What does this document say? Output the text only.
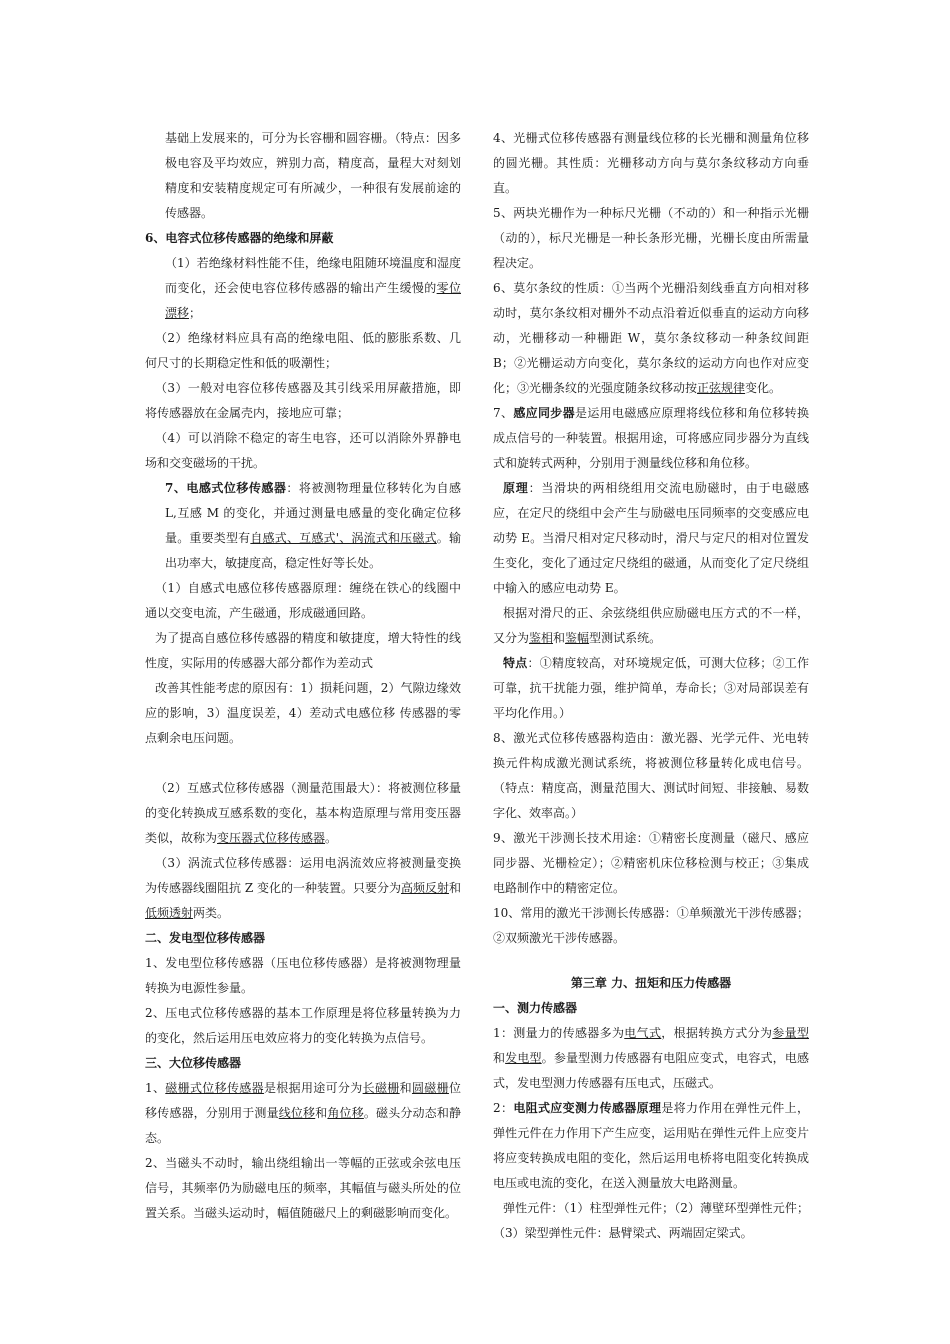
基础上发展来的，可分为长容栅和圆容栅。（特点：因多极电容及平均效应，辨别力高，精度高，量程大对刻划精度和安装精度规定可有所减少，一种很有发展前途的传感器。

6、电容式位移传感器的绝缘和屏蔽

（1）若绝缘材料性能不佳，绝缘电阻随环境温度和湿度而变化，还会使电容位移传感器的输出产生缓慢的零位漂移；

（2）绝缘材料应具有高的绝缘电阻、低的膨胀系数、几何尺寸的长期稳定性和低的吸潮性；

（3）一般对电容位移传感器及其引线采用屏蔽措施，即将传感器放在金属壳内，接地应可靠；

（4）可以消除不稳定的寄生电容，还可以消除外界静电场和交变磁场的干扰。

7、电感式位移传感器：将被测物理量位移转化为自感 L,互感 M 的变化，并通过测量电感量的变化确定位移量。重要类型有自感式、互感式'、涡流式和压磁式。输出功率大，敏捷度高，稳定性好等长处。

（1）自感式电感位移传感器原理：缠绕在铁心的线圈中通以交变电流，产生磁通，形成磁通回路。

为了提高自感位移传感器的精度和敏捷度，增大特性的线性度，实际用的传感器大部分都作为差动式

改善其性能考虑的原因有：1）损耗问题，2）气隙边缘效应的影响，3）温度误差，4）差动式电感位移 传感器的零点剩余电压问题。

（2）互感式位移传感器（测量范围最大）：将被测位移量的变化转换成互感系数的变化，基本构造原理与常用变压器类似，故称为变压器式位移传感器。

（3）涡流式位移传感器：运用电涡流效应将被测量变换为传感器线圈阻抗 Z 变化的一种装置。只要分为高频反射和低频透射两类。

二、发电型位移传感器

1、发电型位移传感器（压电位移传感器）是将被测物理量转换为电源性参量。

2、压电式位移传感器的基本工作原理是将位移量转换为力的变化，然后运用压电效应将力的变化转换为点信号。

三、大位移传感器

1、磁栅式位移传感器是根据用途可分为长磁栅和圆磁栅位移传感器，分别用于测量线位移和角位移。磁头分动态和静态。

2、当磁头不动时，输出绕组输出一等幅的正弦或余弦电压信号，其频率仍为励磁电压的频率，其幅值与磁头所处的位置关系。当磁头运动时，幅值随磁尺上的剩磁影响而变化。

4、光栅式位移传感器有测量线位移的长光栅和测量角位移的圆光栅。其性质：光栅移动方向与莫尔条纹移动方向垂直。

5、两块光栅作为一种标尺光栅（不动的）和一种指示光栅（动的），标尺光栅是一种长条形光栅，光栅长度由所需量程决定。

6、莫尔条纹的性质：①当两个光栅沿刻线垂直方向相对移动时，莫尔条纹相对栅外不动点沿着近似垂直的运动方向移动，光栅移动一种栅距 W，莫尔条纹移动一种条纹间距 B；②光栅运动方向变化，莫尔条纹的运动方向也作对应变化；③光栅条纹的光强度随条纹移动按正弦规律变化。

7、感应同步器是运用电磁感应原理将线位移和角位移转换成点信号的一种装置。根据用途，可将感应同步器分为直线式和旋转式两种，分别用于测量线位移和角位移。

原理：当滑块的两相绕组用交流电励磁时，由于电磁感应，在定尺的绕组中会产生与励磁电压同频率的交变感应电动势 E。当滑尺相对定尺移动时，滑尺与定尺的相对位置发生变化，变化了通过定尺绕组的磁通，从而变化了定尺绕组中输入的感应电动势 E。

根据对滑尺的正、余弦绕组供应励磁电压方式的不一样，又分为鉴相和鉴幅型测试系统。

特点：①精度较高，对环境规定低，可测大位移；②工作可靠，抗干扰能力强，维护简单，寿命长；③对局部误差有平均化作用。）

8、激光式位移传感器构造由：激光器、光学元件、光电转换元件构成激光测试系统，将被测位移量转化成电信号。（特点：精度高，测量范围大、测试时间短、非接触、易数字化、效率高。）

9、激光干涉测长技术用途：①精密长度测量（磁尺、感应同步器、光栅检定）；②精密机床位移检测与校正；③集成电路制作中的精密定位。

10、常用的激光干涉测长传感器：①单频激光干涉传感器；②双频激光干涉传感器。

第三章 力、扭矩和压力传感器

一、测力传感器

1：测量力的传感器多为电气式，根据转换方式分为参量型和发电型。参量型测力传感器有电阻应变式，电容式，电感式，发电型测力传感器有压电式，压磁式。

2：电阻式应变测力传感器原理是将力作用在弹性元件上，弹性元件在力作用下产生应变，运用贴在弹性元件上应变片将应变转换成电阻的变化，然后运用电桥将电阻变化转换成电压或电流的变化，在送入测量放大电路测量。

弹性元件：（1）柱型弹性元件；（2）薄壁环型弹性元件；（3）梁型弹性元件：悬臂梁式、两端固定梁式。
